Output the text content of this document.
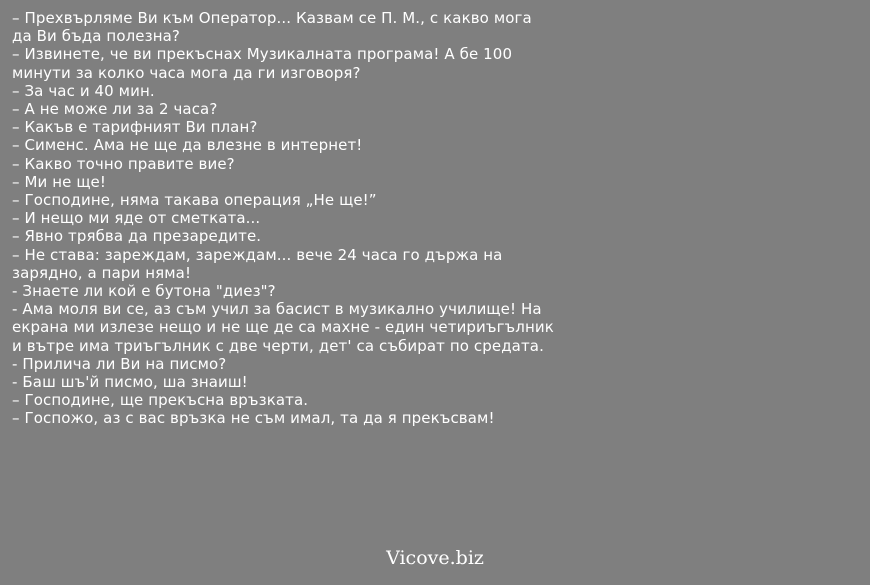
– Прехвърляме Ви към Оператор... Казвам се П. М., с какво мога
да Ви бъда полезна?
– Извинете, че ви прекъснах Музикалната програма! А бе 100
минути за колко часа мога да ги изговоря?
– За час и 40 мин.
– А не може ли за 2 часа?
– Какъв е тарифният Ви план?
– Сименс. Ама не ще да влезне в интернет!
– Какво точно правите вие?
– Ми не ще!
– Господине, няма такава операция „Не ще!”
– И нещо ми яде от сметката...
– Явно трябва да презаредите.
– Не става: зареждам, зареждам... вече 24 часа го държа на
зарядно, а пари няма!
- Знаете ли кой е бутона "диез"?
- Ама моля ви се, аз съм учил за басист в музикално училище! На
екрана ми излезе нещо и не ще де са махне - един четириъгълник
и вътре има триъгълник с две черти, дет' са събират по средата.
- Прилича ли Ви на писмо?
- Баш шъ'й писмо, ша знаиш!
– Господине, ще прекъсна връзката.
– Госпожо, аз с вас връзка не съм имал, та да я прекъсвам!
Vicove.biz
